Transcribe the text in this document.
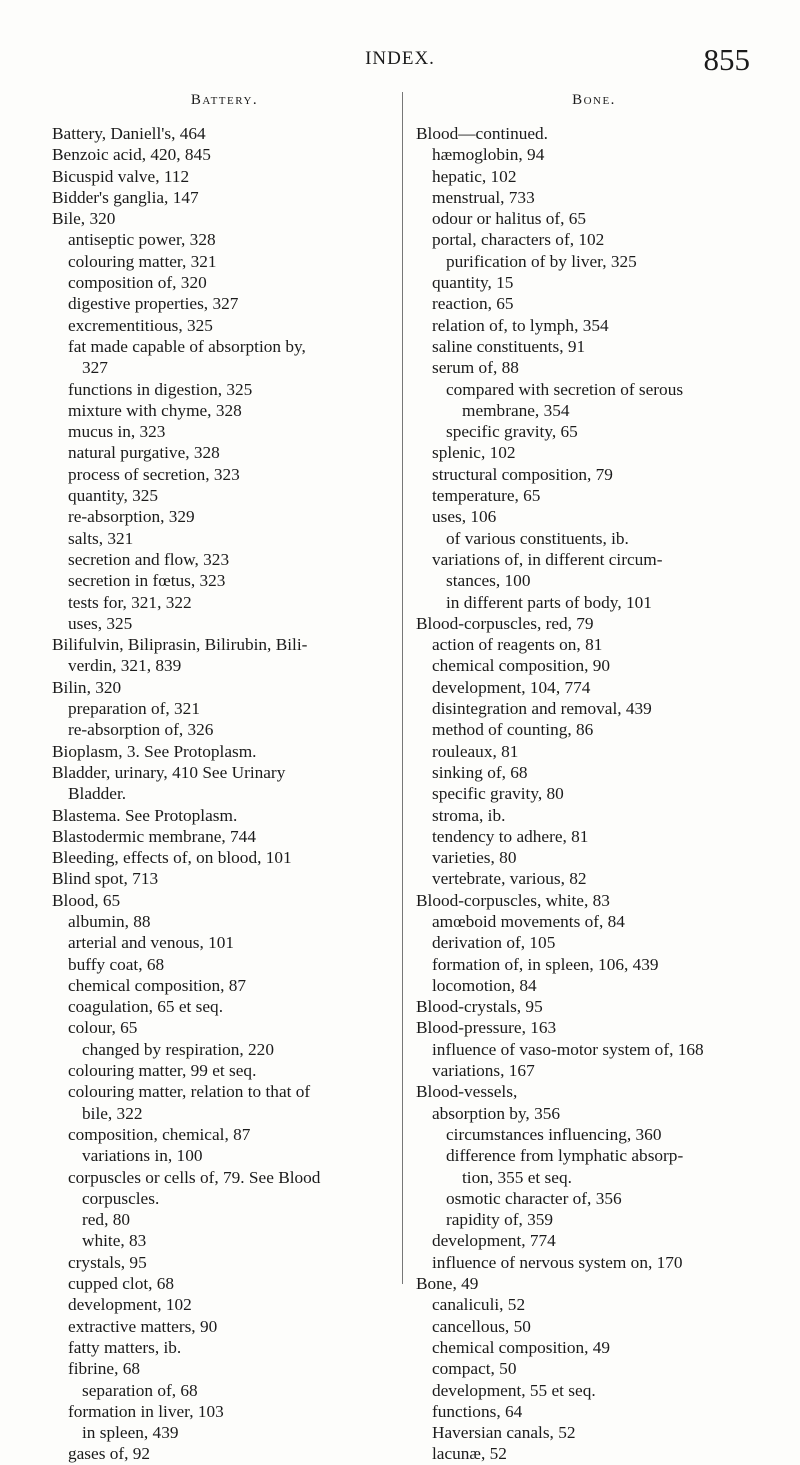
INDEX.	855
Battery.
Battery, Daniell's, 464
Benzoic acid, 420, 845
Bicuspid valve, 112
Bidder's ganglia, 147
Bile, 320
antiseptic power, 328
colouring matter, 321
composition of, 320
digestive properties, 327
excrementitious, 325
fat made capable of absorption by,
327
functions in digestion, 325
mixture with chyme, 328
mucus in, 323
natural purgative, 328
process of secretion, 323
quantity, 325
re-absorption, 329
salts, 321
secretion and flow, 323
secretion in fœtus, 323
tests for, 321, 322
uses, 325
Bilifulvin, Biliprasin, Bilirubin, Bili-
verdin, 321, 839
Bilin, 320
preparation of, 321
re-absorption of, 326
Bioplasm, 3. See Protoplasm.
Bladder, urinary, 410 See Urinary
Bladder.
Blastema. See Protoplasm.
Blastodermic membrane, 744
Bleeding, effects of, on blood, 101
Blind spot, 713
Blood, 65
albumin, 88
arterial and venous, 101
buffy coat, 68
chemical composition, 87
coagulation, 65 et seq.
colour, 65
changed by respiration, 220
colouring matter, 99 et seq.
colouring matter, relation to that of
bile, 322
composition, chemical, 87
variations in, 100
corpuscles or cells of, 79. See Blood
corpuscles.
red, 80
white, 83
crystals, 95
cupped clot, 68
development, 102
extractive matters, 90
fatty matters, ib.
fibrine, 68
separation of, 68
formation in liver, 103
in spleen, 439
gases of, 92
Bone.
Blood—continued.
hæmoglobin, 94
hepatic, 102
menstrual, 733
odour or halitus of, 65
portal, characters of, 102
purification of by liver, 325
quantity, 15
reaction, 65
relation of, to lymph, 354
saline constituents, 91
serum of, 88
compared with secretion of serous
membrane, 354
specific gravity, 65
splenic, 102
structural composition, 79
temperature, 65
uses, 106
of various constituents, ib.
variations of, in different circum-
stances, 100
in different parts of body, 101
Blood-corpuscles, red, 79
action of reagents on, 81
chemical composition, 90
development, 104, 774
disintegration and removal, 439
method of counting, 86
rouleaux, 81
sinking of, 68
specific gravity, 80
stroma, ib.
tendency to adhere, 81
varieties, 80
vertebrate, various, 82
Blood-corpuscles, white, 83
amœboid movements of, 84
derivation of, 105
formation of, in spleen, 106, 439
locomotion, 84
Blood-crystals, 95
Blood-pressure, 163
influence of vaso-motor system of, 168
variations, 167
Blood-vessels,
absorption by, 356
circumstances influencing, 360
difference from lymphatic absorp-
tion, 355 et seq.
osmotic character of, 356
rapidity of, 359
development, 774
influence of nervous system on, 170
Bone, 49
canaliculi, 52
cancellous, 50
chemical composition, 49
compact, 50
development, 55 et seq.
functions, 64
Haversian canals, 52
lacunæ, 52
